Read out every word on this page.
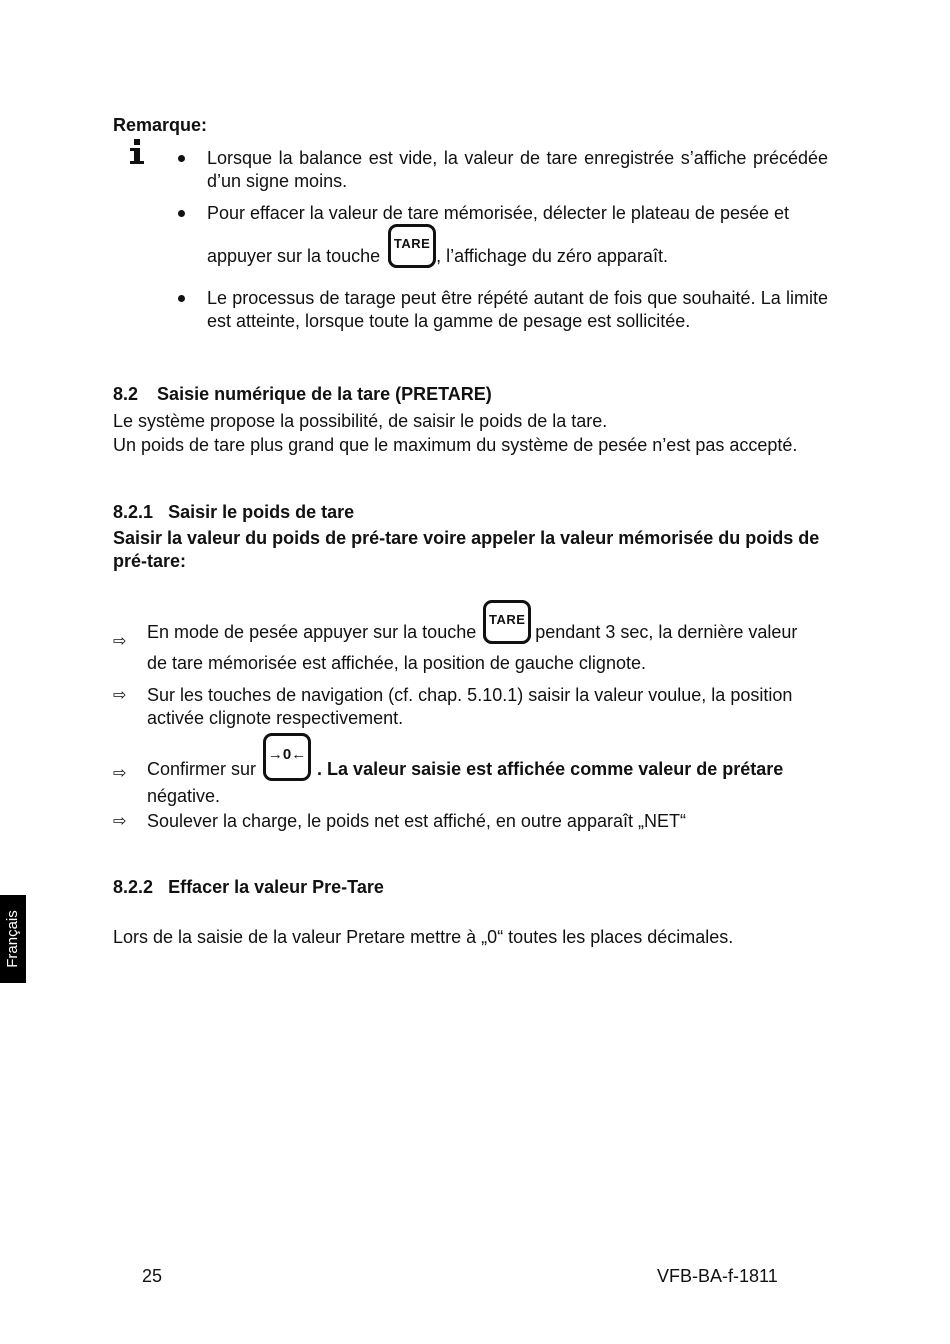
Remarque:
Lorsque la balance est vide, la valeur de tare enregistrée s’affiche précédée d’un signe moins.
Pour effacer la valeur de tare mémorisée, délecter le plateau de pesée et
appuyer sur la touche
TARE
, l’affichage du zéro apparaît.
Le processus de tarage peut être répété autant de fois que souhaité. La limite est atteinte, lorsque toute la gamme de pesage est sollicitée.
8.2 Saisie numérique de la tare (PRETARE)
Le système propose la possibilité, de saisir le poids de la tare.
Un poids de tare plus grand que le maximum du système de pesée n’est pas accepté.
8.2.1 Saisir le poids de tare
Saisir la valeur du poids de pré-tare voire appeler la valeur mémorisée du poids de pré-tare:
⇨ En mode de pesée appuyer sur la touche
TARE
pendant 3 sec, la dernière valeur
de tare mémorisée est affichée, la position de gauche clignote.
⇨ Sur les touches de navigation (cf. chap. 5.10.1) saisir la valeur voulue, la position activée clignote respectivement.
⇨ Confirmer sur
→0←
. La valeur saisie est affichée comme valeur de prétare
négative.
⇨ Soulever la charge, le poids net est affiché, en outre apparaît „NET“
8.2.2 Effacer la valeur Pre-Tare
Lors de la saisie de la valeur Pretare mettre à „0“ toutes les places décimales.
Français
25	VFB-BA-f-1811
